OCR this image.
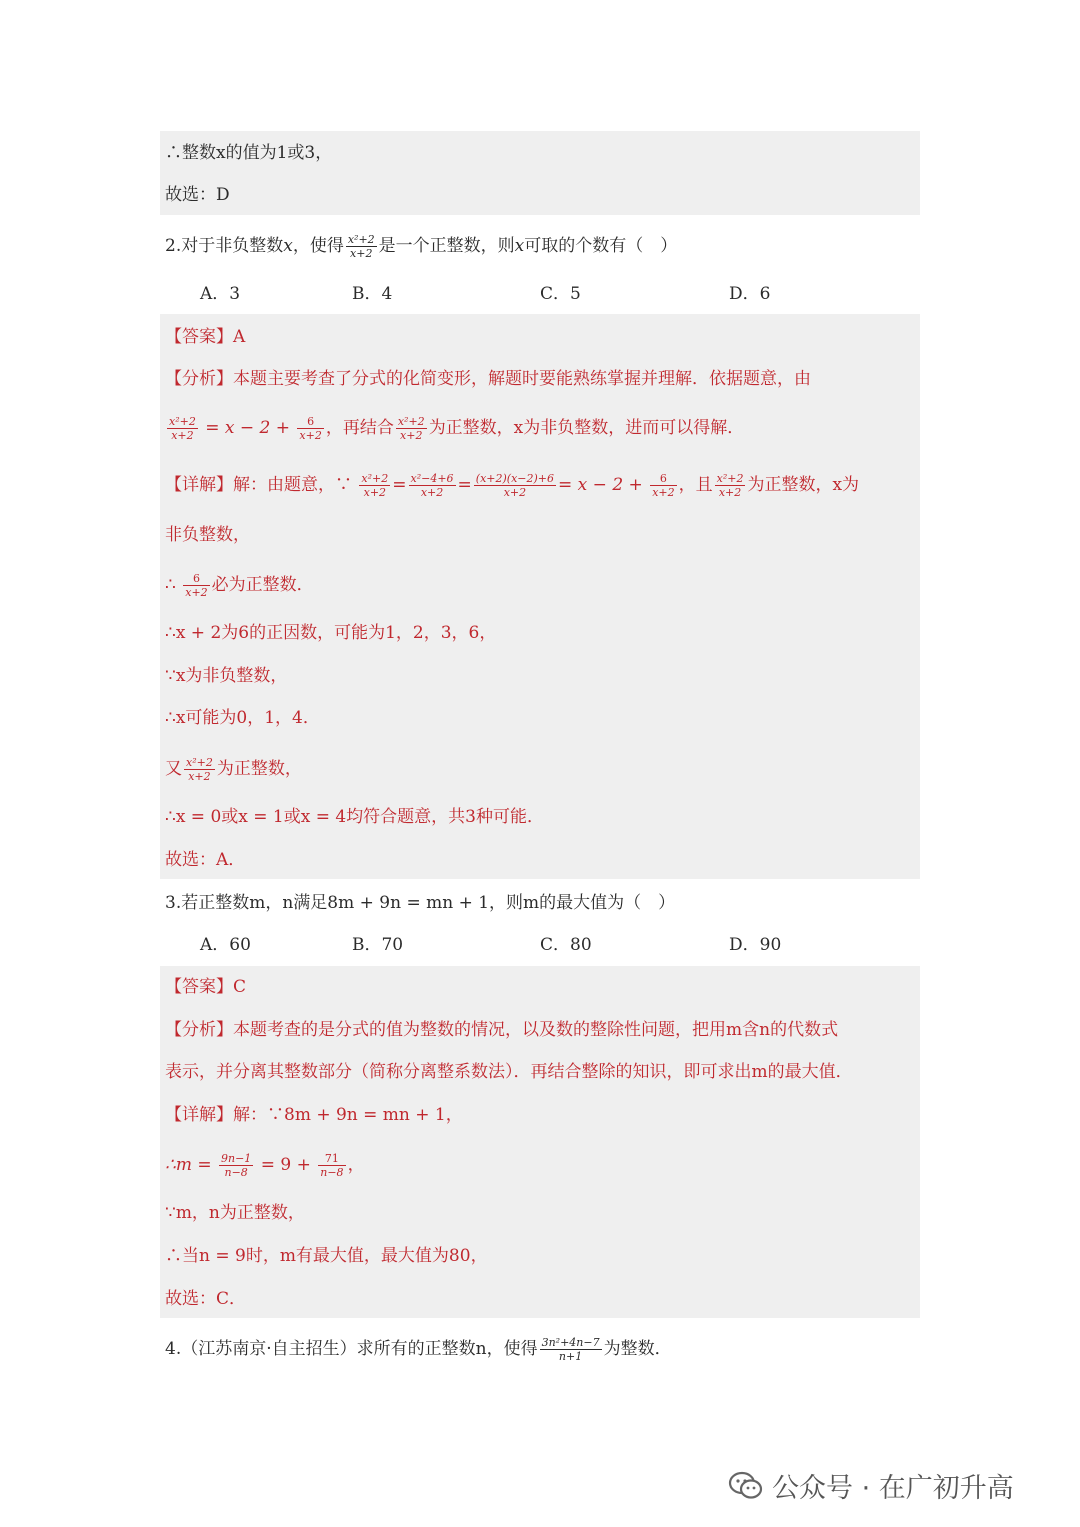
∴整数x的值为1或3，
故选：D
2.对于非负整数x，使得 $\frac{\text{x²+2}}{x+2}$ 是一个正整数，则x可取的个数有（　）
A．3	B．4	C．5	D．6
【答案】A
【分析】本题主要考查了分式的化简变形，解题时要能熟练掌握并理解．依据题意，由
$\frac{\text{x²+2}}{x+2} = x - 2 + \frac{6}{x+2}$ ，再结合 $\frac{\text{x²+2}}{x+2}$ 为正整数，x为非负整数，进而可以得解．
【详解】解：由题意，∵ $\frac{\text{x²+2}}{x+2} = \frac{\text{x²−4+6}}{x+2} = \frac{(x+2)(x-2)+6}{x+2} = x - 2 + \frac{6}{x+2}$ ，且 $\frac{\text{x²+2}}{x+2}$ 为正整数，x为
非负整数，
∴ $\frac{6}{x+2}$ 必为正整数．
∴x + 2为6的正因数，可能为1，2，3，6，
∵x为非负整数，
∴x可能为0，1，4．
又 $\frac{\text{x²+2}}{x+2}$ 为正整数，
∴x = 0或x = 1或x = 4均符合题意，共3种可能．
故选：A．
3.若正整数m，n满足8m + 9n = mn + 1，则m的最大值为（　）
A．60	B．70	C．80	D．90
【答案】C
【分析】本题考查的是分式的值为整数的情况，以及数的整除性问题，把用m含n的代数式
表示，并分离其整数部分（简称分离整系数法）．再结合整除的知识，即可求出m的最大值．
【详解】解：∵8m + 9n = mn + 1，
∴m = $\frac{9n-1}{n-8} = 9 + \frac{71}{n-8}$ ，
∵m，n为正整数，
∴当n = 9时，m有最大值，最大值为80，
故选：C．
4.（江苏南京·自主招生）求所有的正整数n，使得 $\frac{\text{3n²+4n−7}}{n+1}$ 为整数．
公众号 · 在广初升高
